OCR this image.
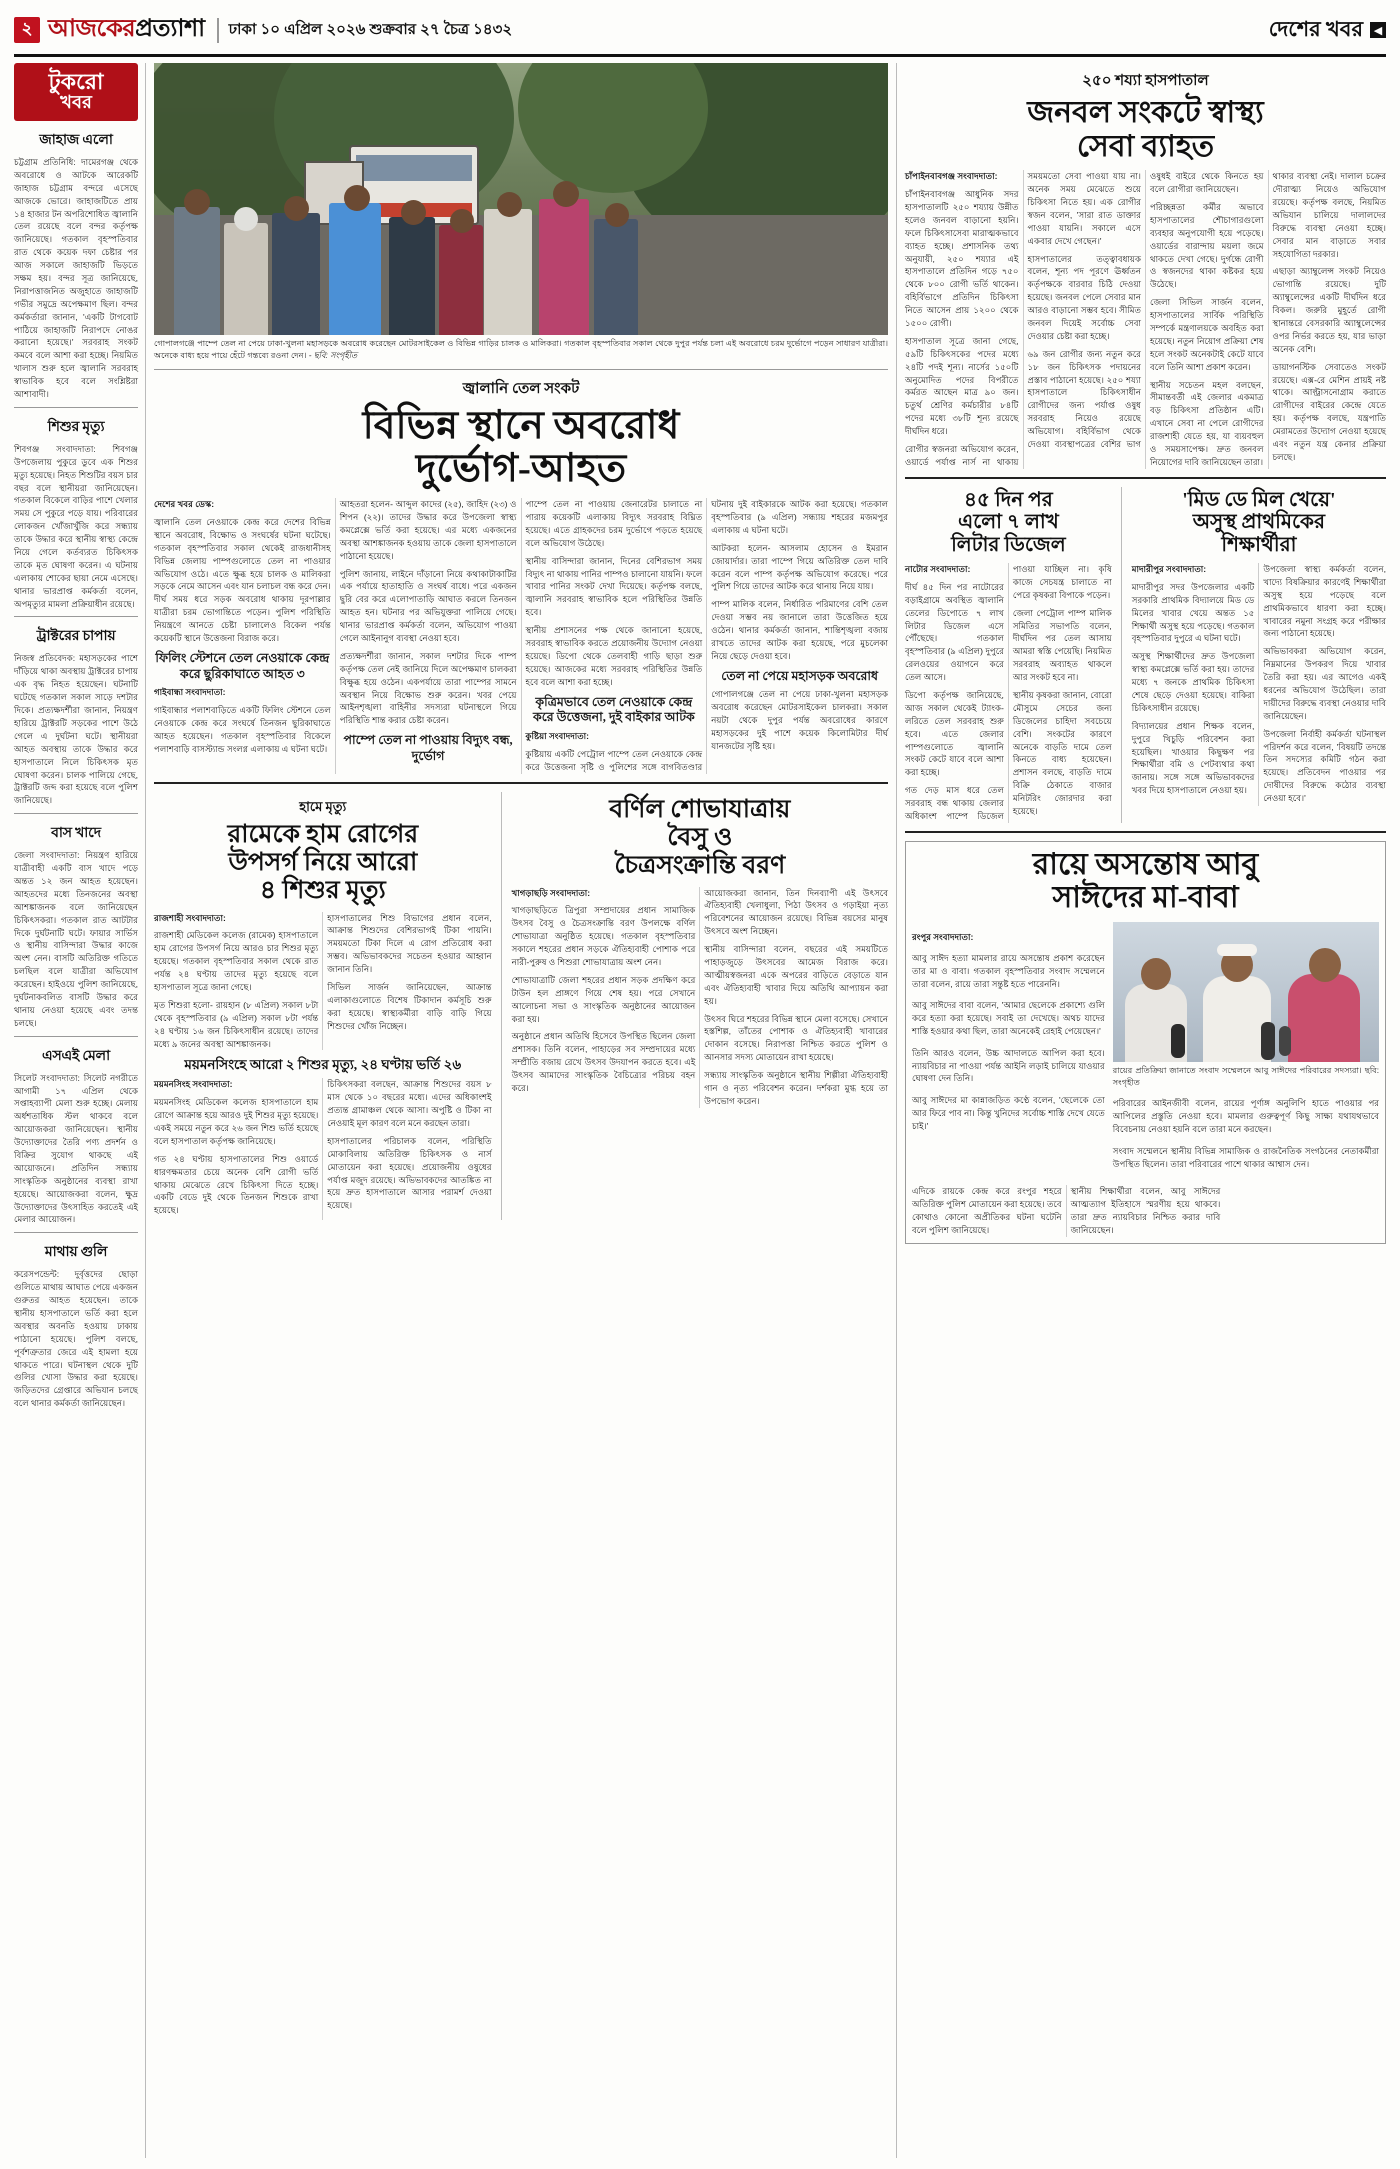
২ আজকেরপ্রত্যাশা	ঢাকা ১০ এপ্রিল ২০২৬ শুক্রবার ২৭ চৈত্র ১৪৩২	দেশের খবর ◀
টুকরো
খবর
জাহাজ এলো

চট্টগ্রাম প্রতিনিধি: দামেরগঞ্জ থেকে অবরোধে ও আটকে আরেকটি জাহাজ চট্টগ্রাম বন্দরে এসেছে আজকে ভোরে। জাহাজটিতে প্রায় ১৪ হাজার টন অপরিশোধিত জ্বালানি তেল রয়েছে বলে বন্দর কর্তৃপক্ষ জানিয়েছে। গতকাল বৃহস্পতিবার রাত থেকে কয়েক দফা চেষ্টার পর আজ সকালে জাহাজটি ভিড়তে সক্ষম হয়। বন্দর সূত্র জানিয়েছে, নিরাপত্তাজনিত অজুহাতে জাহাজটি গভীর সমুদ্রে অপেক্ষমাণ ছিল। বন্দর কর্মকর্তারা জানান, 'একটি টাগবোট পাঠিয়ে জাহাজটি নিরাপদে নোঙর করানো হয়েছে।' সরবরাহ সংকট কমবে বলে আশা করা হচ্ছে। নিয়মিত খালাস শুরু হলে জ্বালানি সরবরাহ স্বাভাবিক হবে বলে সংশ্লিষ্টরা আশাবাদী।

শিশুর মৃত্যু

শিবগঞ্জ সংবাদদাতা: শিবগঞ্জ উপজেলায় পুকুরে ডুবে এক শিশুর মৃত্যু হয়েছে। নিহত শিশুটির বয়স চার বছর বলে স্থানীয়রা জানিয়েছেন। গতকাল বিকেলে বাড়ির পাশে খেলার সময় সে পুকুরে পড়ে যায়। পরিবারের লোকজন খোঁজাখুঁজি করে সন্ধ্যায় তাকে উদ্ধার করে স্থানীয় স্বাস্থ্য কেন্দ্রে নিয়ে গেলে কর্তব্যরত চিকিৎসক তাকে মৃত ঘোষণা করেন। এ ঘটনায় এলাকায় শোকের ছায়া নেমে এসেছে। থানার ভারপ্রাপ্ত কর্মকর্তা বলেন, অপমৃত্যুর মামলা প্রক্রিয়াধীন রয়েছে।

ট্রাক্টরের চাপায়

নিজস্ব প্রতিবেদক: মহাসড়কের পাশে দাঁড়িয়ে থাকা অবস্থায় ট্রাক্টরের চাপায় এক বৃদ্ধ নিহত হয়েছেন। ঘটনাটি ঘটেছে গতকাল সকাল সাড়ে দশটার দিকে। প্রত্যক্ষদর্শীরা জানান, নিয়ন্ত্রণ হারিয়ে ট্রাক্টরটি সড়কের পাশে উঠে গেলে এ দুর্ঘটনা ঘটে। স্থানীয়রা আহত অবস্থায় তাকে উদ্ধার করে হাসপাতালে নিলে চিকিৎসক মৃত ঘোষণা করেন। চালক পালিয়ে গেছে, ট্রাক্টরটি জব্দ করা হয়েছে বলে পুলিশ জানিয়েছে।

বাস খাদে

জেলা সংবাদদাতা: নিয়ন্ত্রণ হারিয়ে যাত্রীবাহী একটি বাস খাদে পড়ে অন্তত ১২ জন আহত হয়েছেন। আহতদের মধ্যে তিনজনের অবস্থা আশঙ্কাজনক বলে জানিয়েছেন চিকিৎসকরা। গতকাল রাত আটটার দিকে দুর্ঘটনাটি ঘটে। ফায়ার সার্ভিস ও স্থানীয় বাসিন্দারা উদ্ধার কাজে অংশ নেন। বাসটি অতিরিক্ত গতিতে চলছিল বলে যাত্রীরা অভিযোগ করেছেন। হাইওয়ে পুলিশ জানিয়েছে, দুর্ঘটনাকবলিত বাসটি উদ্ধার করে থানায় নেওয়া হয়েছে এবং তদন্ত চলছে।

এসএই মেলা

সিলেট সংবাদদাতা: সিলেট নগরীতে আগামী ১৭ এপ্রিল থেকে সপ্তাহব্যাপী মেলা শুরু হচ্ছে। মেলায় অর্ধশতাধিক স্টল থাকবে বলে আয়োজকরা জানিয়েছেন। স্থানীয় উদ্যোক্তাদের তৈরি পণ্য প্রদর্শন ও বিক্রির সুযোগ থাকছে এই আয়োজনে। প্রতিদিন সন্ধ্যায় সাংস্কৃতিক অনুষ্ঠানের ব্যবস্থা রাখা হয়েছে। আয়োজকরা বলেন, ক্ষুদ্র উদ্যোক্তাদের উৎসাহিত করতেই এই মেলার আয়োজন।

মাথায় গুলি

করেসপন্ডেন্ট: দুর্বৃত্তদের ছোড়া গুলিতে মাথায় আঘাত পেয়ে একজন গুরুতর আহত হয়েছেন। তাকে স্থানীয় হাসপাতালে ভর্তি করা হলে অবস্থার অবনতি হওয়ায় ঢাকায় পাঠানো হয়েছে। পুলিশ বলছে, পূর্বশত্রুতার জেরে এই হামলা হয়ে থাকতে পারে। ঘটনাস্থল থেকে দুটি গুলির খোসা উদ্ধার করা হয়েছে। জড়িতদের গ্রেপ্তারে অভিযান চলছে বলে থানার কর্মকর্তা জানিয়েছেন।

গোপালগঞ্জে পাম্পে তেল না পেয়ে ঢাকা-খুলনা মহাসড়কে অবরোধ করেছেন মোটরসাইকেল ও বিভিন্ন গাড়ির চালক ও মালিকরা। গতকাল বৃহস্পতিবার সকাল থেকে দুপুর পর্যন্ত চলা এই অবরোধে চরম দুর্ভোগে পড়েন সাধারণ যাত্রীরা। অনেকে বাধ্য হয়ে পায়ে হেঁটে গন্তব্যে রওনা দেন। - ছবি: সংগৃহীত
জ্বালানি তেল সংকট
বিভিন্ন স্থানে অবরোধ
দুর্ভোগ-আহত

দেশের খবর ডেস্ক:

জ্বালানি তেল নেওয়াকে কেন্দ্র করে দেশের বিভিন্ন স্থানে অবরোধ, বিক্ষোভ ও সংঘর্ষের ঘটনা ঘটেছে। গতকাল বৃহস্পতিবার সকাল থেকেই রাজধানীসহ বিভিন্ন জেলায় পাম্পগুলোতে তেল না পাওয়ার অভিযোগ ওঠে। এতে ক্ষুব্ধ হয়ে চালক ও মালিকরা সড়কে নেমে আসেন এবং যান চলাচল বন্ধ করে দেন। দীর্ঘ সময় ধরে সড়ক অবরোধ থাকায় দূরপাল্লার যাত্রীরা চরম ভোগান্তিতে পড়েন। পুলিশ পরিস্থিতি নিয়ন্ত্রণে আনতে চেষ্টা চালালেও বিকেল পর্যন্ত কয়েকটি স্থানে উত্তেজনা বিরাজ করে।

ফিলিং স্টেশনে তেল নেওয়াকে কেন্দ্র করে ছুরিকাঘাতে আহত ৩

গাইবান্ধা সংবাদদাতা:

গাইবান্ধার পলাশবাড়িতে একটি ফিলিং স্টেশনে তেল নেওয়াকে কেন্দ্র করে সংঘর্ষে তিনজন ছুরিকাঘাতে আহত হয়েছেন। গতকাল বৃহস্পতিবার বিকেলে পলাশবাড়ি বাসস্ট্যান্ড সংলগ্ন এলাকায় এ ঘটনা ঘটে।

আহতরা হলেন- আব্দুল কাদের (২৫), জাহিদ (২৩) ও শিপন (২২)। তাদের উদ্ধার করে উপজেলা স্বাস্থ্য কমপ্লেক্সে ভর্তি করা হয়েছে। এর মধ্যে একজনের অবস্থা আশঙ্কাজনক হওয়ায় তাকে জেলা হাসপাতালে পাঠানো হয়েছে।

পুলিশ জানায়, লাইনে দাঁড়ানো নিয়ে কথাকাটাকাটির এক পর্যায়ে হাতাহাতি ও সংঘর্ষ বাধে। পরে একজন ছুরি বের করে এলোপাতাড়ি আঘাত করলে তিনজন আহত হন। ঘটনার পর অভিযুক্তরা পালিয়ে গেছে। থানার ভারপ্রাপ্ত কর্মকর্তা বলেন, অভিযোগ পাওয়া গেলে আইনানুগ ব্যবস্থা নেওয়া হবে।

প্রত্যক্ষদর্শীরা জানান, সকাল দশটার দিকে পাম্প কর্তৃপক্ষ তেল নেই জানিয়ে দিলে অপেক্ষমাণ চালকরা বিক্ষুব্ধ হয়ে ওঠেন। একপর্যায়ে তারা পাম্পের সামনে অবস্থান নিয়ে বিক্ষোভ শুরু করেন। খবর পেয়ে আইনশৃঙ্খলা বাহিনীর সদস্যরা ঘটনাস্থলে গিয়ে পরিস্থিতি শান্ত করার চেষ্টা করেন।

পাম্পে তেল না পাওয়ায় বিদ্যুৎ বন্ধ, দুর্ভোগ

পাম্পে তেল না পাওয়ায় জেনারেটর চালাতে না পারায় কয়েকটি এলাকায় বিদ্যুৎ সরবরাহ বিঘ্নিত হয়েছে। এতে গ্রাহকদের চরম দুর্ভোগে পড়তে হয়েছে বলে অভিযোগ উঠেছে।

স্থানীয় বাসিন্দারা জানান, দিনের বেশিরভাগ সময় বিদ্যুৎ না থাকায় পানির পাম্পও চালানো যায়নি। ফলে খাবার পানির সংকট দেখা দিয়েছে। কর্তৃপক্ষ বলছে, জ্বালানি সরবরাহ স্বাভাবিক হলে পরিস্থিতির উন্নতি হবে।

স্থানীয় প্রশাসনের পক্ষ থেকে জানানো হয়েছে, সরবরাহ স্বাভাবিক করতে প্রয়োজনীয় উদ্যোগ নেওয়া হয়েছে। ডিপো থেকে তেলবাহী গাড়ি ছাড়া শুরু হয়েছে। আজকের মধ্যে সরবরাহ পরিস্থিতির উন্নতি হবে বলে আশা করা হচ্ছে।

কৃত্রিমভাবে তেল নেওয়াকে কেন্দ্র করে উত্তেজনা, দুই বাইকার আটক

কুষ্টিয়া সংবাদদাতা:

কুষ্টিয়ায় একটি পেট্রোল পাম্পে তেল নেওয়াকে কেন্দ্র করে উত্তেজনা সৃষ্টি ও পুলিশের সঙ্গে বাগবিতণ্ডার ঘটনায় দুই বাইকারকে আটক করা হয়েছে। গতকাল বৃহস্পতিবার (৯ এপ্রিল) সন্ধ্যায় শহরের মজমপুর এলাকায় এ ঘটনা ঘটে।

আটকরা হলেন- আসলাম হোসেন ও ইমরান জোয়ার্দার। তারা পাম্পে গিয়ে অতিরিক্ত তেল দাবি করেন বলে পাম্প কর্তৃপক্ষ অভিযোগ করেছে। পরে পুলিশ গিয়ে তাদের আটক করে থানায় নিয়ে যায়।

পাম্প মালিক বলেন, নির্ধারিত পরিমাণের বেশি তেল দেওয়া সম্ভব নয় জানালে তারা উত্তেজিত হয়ে ওঠেন। থানার কর্মকর্তা জানান, শান্তিশৃঙ্খলা বজায় রাখতে তাদের আটক করা হয়েছে, পরে মুচলেকা নিয়ে ছেড়ে দেওয়া হবে।

তেল না পেয়ে মহাসড়ক অবরোধ

গোপালগঞ্জে তেল না পেয়ে ঢাকা-খুলনা মহাসড়ক অবরোধ করেছেন মোটরসাইকেল চালকরা। সকাল নয়টা থেকে দুপুর পর্যন্ত অবরোধের কারণে মহাসড়কের দুই পাশে কয়েক কিলোমিটার দীর্ঘ যানজটের সৃষ্টি হয়।

হামে মৃত্যু
রামেকে হাম রোগের
উপসর্গ নিয়ে আরো
৪ শিশুর মৃত্যু

রাজশাহী সংবাদদাতা:

রাজশাহী মেডিকেল কলেজ (রামেক) হাসপাতালে হাম রোগের উপসর্গ নিয়ে আরও চার শিশুর মৃত্যু হয়েছে। গতকাল বৃহস্পতিবার সকাল থেকে রাত পর্যন্ত ২৪ ঘণ্টায় তাদের মৃত্যু হয়েছে বলে হাসপাতাল সূত্রে জানা গেছে।

মৃত শিশুরা হলো- রায়হান (৮ এপ্রিল) সকাল ৮টা থেকে বৃহস্পতিবার (৯ এপ্রিল) সকাল ৮টা পর্যন্ত ২৪ ঘণ্টায় ১৬ জন চিকিৎসাধীন রয়েছে। তাদের মধ্যে ৯ জনের অবস্থা আশঙ্কাজনক।

হাসপাতালের শিশু বিভাগের প্রধান বলেন, আক্রান্ত শিশুদের বেশিরভাগই টিকা পায়নি। সময়মতো টিকা দিলে এ রোগ প্রতিরোধ করা সম্ভব। অভিভাবকদের সচেতন হওয়ার আহ্বান জানান তিনি।

সিভিল সার্জন জানিয়েছেন, আক্রান্ত এলাকাগুলোতে বিশেষ টিকাদান কর্মসূচি শুরু করা হয়েছে। স্বাস্থ্যকর্মীরা বাড়ি বাড়ি গিয়ে শিশুদের খোঁজ নিচ্ছেন।

ময়মনসিংহে আরো ২ শিশুর মৃত্যু, ২৪ ঘণ্টায় ভর্তি ২৬

ময়মনসিংহ সংবাদদাতা:

ময়মনসিংহ মেডিকেল কলেজ হাসপাতালে হাম রোগে আক্রান্ত হয়ে আরও দুই শিশুর মৃত্যু হয়েছে। একই সময়ে নতুন করে ২৬ জন শিশু ভর্তি হয়েছে বলে হাসপাতাল কর্তৃপক্ষ জানিয়েছে।

গত ২৪ ঘণ্টায় হাসপাতালের শিশু ওয়ার্ডে ধারণক্ষমতার চেয়ে অনেক বেশি রোগী ভর্তি থাকায় মেঝেতে রেখে চিকিৎসা দিতে হচ্ছে। একটি বেডে দুই থেকে তিনজন শিশুকে রাখা হয়েছে।

চিকিৎসকরা বলছেন, আক্রান্ত শিশুদের বয়স ৮ মাস থেকে ১০ বছরের মধ্যে। এদের অধিকাংশই প্রত্যন্ত গ্রামাঞ্চল থেকে আসা। অপুষ্টি ও টিকা না নেওয়াই মূল কারণ বলে মনে করছেন তারা।

হাসপাতালের পরিচালক বলেন, পরিস্থিতি মোকাবিলায় অতিরিক্ত চিকিৎসক ও নার্স মোতায়েন করা হয়েছে। প্রয়োজনীয় ওষুধের পর্যাপ্ত মজুদ রয়েছে। অভিভাবকদের আতঙ্কিত না হয়ে দ্রুত হাসপাতালে আসার পরামর্শ দেওয়া হয়েছে।

বর্ণিল শোভাযাত্রায়
বৈসু ও
চৈত্রসংক্রান্তি বরণ

খাগড়াছড়ি সংবাদদাতা:

খাগড়াছড়িতে ত্রিপুরা সম্প্রদায়ের প্রধান সামাজিক উৎসব বৈসু ও চৈত্রসংক্রান্তি বরণ উপলক্ষে বর্ণিল শোভাযাত্রা অনুষ্ঠিত হয়েছে। গতকাল বৃহস্পতিবার সকালে শহরের প্রধান সড়কে ঐতিহ্যবাহী পোশাক পরে নারী-পুরুষ ও শিশুরা শোভাযাত্রায় অংশ নেন।

শোভাযাত্রাটি জেলা শহরের প্রধান সড়ক প্রদক্ষিণ করে টাউন হল প্রাঙ্গণে গিয়ে শেষ হয়। পরে সেখানে আলোচনা সভা ও সাংস্কৃতিক অনুষ্ঠানের আয়োজন করা হয়।

অনুষ্ঠানে প্রধান অতিথি হিসেবে উপস্থিত ছিলেন জেলা প্রশাসক। তিনি বলেন, পাহাড়ের সব সম্প্রদায়ের মধ্যে সম্প্রীতি বজায় রেখে উৎসব উদযাপন করতে হবে। এই উৎসব আমাদের সাংস্কৃতিক বৈচিত্র্যের পরিচয় বহন করে।

আয়োজকরা জানান, তিন দিনব্যাপী এই উৎসবে ঐতিহ্যবাহী খেলাধুলা, পিঠা উৎসব ও গড়াইয়া নৃত্য পরিবেশনের আয়োজন রয়েছে। বিভিন্ন বয়সের মানুষ উৎসবে অংশ নিচ্ছেন।

স্থানীয় বাসিন্দারা বলেন, বছরের এই সময়টিতে পাহাড়জুড়ে উৎসবের আমেজ বিরাজ করে। আত্মীয়স্বজনরা একে অপরের বাড়িতে বেড়াতে যান এবং ঐতিহ্যবাহী খাবার দিয়ে অতিথি আপ্যায়ন করা হয়।

উৎসব ঘিরে শহরের বিভিন্ন স্থানে মেলা বসেছে। সেখানে হস্তশিল্প, তাঁতের পোশাক ও ঐতিহ্যবাহী খাবারের দোকান বসেছে। নিরাপত্তা নিশ্চিত করতে পুলিশ ও আনসার সদস্য মোতায়েন রাখা হয়েছে।

সন্ধ্যায় সাংস্কৃতিক অনুষ্ঠানে স্থানীয় শিল্পীরা ঐতিহ্যবাহী গান ও নৃত্য পরিবেশন করেন। দর্শকরা মুগ্ধ হয়ে তা উপভোগ করেন।

২৫০ শয্যা হাসপাতাল
জনবল সংকটে স্বাস্থ্য
সেবা ব্যাহত

চাঁপাইনবাবগঞ্জ সংবাদদাতা:

চাঁপাইনবাবগঞ্জ আধুনিক সদর হাসপাতালটি ২৫০ শয্যায় উন্নীত হলেও জনবল বাড়ানো হয়নি। ফলে চিকিৎসাসেবা মারাত্মকভাবে ব্যাহত হচ্ছে। প্রশাসনিক তথ্য অনুযায়ী, ২৫০ শয্যার এই হাসপাতালে প্রতিদিন গড়ে ৭৫০ থেকে ৮০০ রোগী ভর্তি থাকেন। বহির্বিভাগে প্রতিদিন চিকিৎসা নিতে আসেন প্রায় ১২০০ থেকে ১৫০০ রোগী।

হাসপাতাল সূত্রে জানা গেছে, ৫৯টি চিকিৎসকের পদের মধ্যে ২৪টি পদই শূন্য। নার্সের ১৫০টি অনুমোদিত পদের বিপরীতে কর্মরত আছেন মাত্র ৯০ জন। চতুর্থ শ্রেণির কর্মচারীর ৮৪টি পদের মধ্যে ৩৮টি শূন্য রয়েছে দীর্ঘদিন ধরে।

রোগীর স্বজনরা অভিযোগ করেন, ওয়ার্ডে পর্যাপ্ত নার্স না থাকায় সময়মতো সেবা পাওয়া যায় না। অনেক সময় মেঝেতে শুয়ে চিকিৎসা নিতে হয়। এক রোগীর স্বজন বলেন, 'সারা রাত ডাক্তার পাওয়া যায়নি। সকালে এসে একবার দেখে গেছেন।'

হাসপাতালের তত্ত্বাবধায়ক বলেন, শূন্য পদ পূরণে ঊর্ধ্বতন কর্তৃপক্ষকে বারবার চিঠি দেওয়া হয়েছে। জনবল পেলে সেবার মান আরও বাড়ানো সম্ভব হবে। সীমিত জনবল দিয়েই সর্বোচ্চ সেবা দেওয়ার চেষ্টা করা হচ্ছে।

৬৯ জন রোগীর জন্য নতুন করে ১৮ জন চিকিৎসক পদায়নের প্রস্তাব পাঠানো হয়েছে। ২৫০ শয্যা হাসপাতালে চিকিৎসাধীন রোগীদের জন্য পর্যাপ্ত ওষুধ সরবরাহ নিয়েও রয়েছে অভিযোগ। বহির্বিভাগ থেকে দেওয়া ব্যবস্থাপত্রের বেশির ভাগ ওষুধই বাইরে থেকে কিনতে হয় বলে রোগীরা জানিয়েছেন।

পরিচ্ছন্নতা কর্মীর অভাবে হাসপাতালের শৌচাগারগুলো ব্যবহার অনুপযোগী হয়ে পড়েছে। ওয়ার্ডের বারান্দায় ময়লা জমে থাকতে দেখা গেছে। দুর্গন্ধে রোগী ও স্বজনদের থাকা কষ্টকর হয়ে উঠেছে।

জেলা সিভিল সার্জন বলেন, হাসপাতালের সার্বিক পরিস্থিতি সম্পর্কে মন্ত্রণালয়কে অবহিত করা হয়েছে। নতুন নিয়োগ প্রক্রিয়া শেষ হলে সংকট অনেকটাই কেটে যাবে বলে তিনি আশা প্রকাশ করেন।

স্থানীয় সচেতন মহল বলছেন, সীমান্তবর্তী এই জেলার একমাত্র বড় চিকিৎসা প্রতিষ্ঠান এটি। এখানে সেবা না পেলে রোগীদের রাজশাহী যেতে হয়, যা ব্যয়বহুল ও সময়সাপেক্ষ। দ্রুত জনবল নিয়োগের দাবি জানিয়েছেন তারা।

থাকার ব্যবস্থা নেই। দালাল চক্রের দৌরাত্ম্য নিয়েও অভিযোগ রয়েছে। কর্তৃপক্ষ বলছে, নিয়মিত অভিযান চালিয়ে দালালদের বিরুদ্ধে ব্যবস্থা নেওয়া হচ্ছে। সেবার মান বাড়াতে সবার সহযোগিতা দরকার।

এছাড়া অ্যাম্বুলেন্স সংকট নিয়েও ভোগান্তি রয়েছে। দুটি অ্যাম্বুলেন্সের একটি দীর্ঘদিন ধরে বিকল। জরুরি মুহূর্তে রোগী স্থানান্তরে বেসরকারি অ্যাম্বুলেন্সের ওপর নির্ভর করতে হয়, যার ভাড়া অনেক বেশি।

ডায়াগনস্টিক সেবাতেও সংকট রয়েছে। এক্স-রে মেশিন প্রায়ই নষ্ট থাকে। আল্ট্রাসনোগ্রাম করাতে রোগীদের বাইরের কেন্দ্রে যেতে হয়। কর্তৃপক্ষ বলছে, যন্ত্রপাতি মেরামতের উদ্যোগ নেওয়া হয়েছে এবং নতুন যন্ত্র কেনার প্রক্রিয়া চলছে।

৪৫ দিন পর
এলো ৭ লাখ
লিটার ডিজেল

নাটোর সংবাদদাতা:

দীর্ঘ ৪৫ দিন পর নাটোরের বড়াইগ্রামে অবস্থিত জ্বালানি তেলের ডিপোতে ৭ লাখ লিটার ডিজেল এসে পৌঁছেছে। গতকাল বৃহস্পতিবার (৯ এপ্রিল) দুপুরে রেলওয়ের ওয়াগনে করে তেল আসে।

ডিপো কর্তৃপক্ষ জানিয়েছে, আজ সকাল থেকেই ট্যাংক-লরিতে তেল সরবরাহ শুরু হবে। এতে জেলার পাম্পগুলোতে জ্বালানি সংকট কেটে যাবে বলে আশা করা হচ্ছে।

গত দেড় মাস ধরে তেল সরবরাহ বন্ধ থাকায় জেলার অধিকাংশ পাম্পে ডিজেল পাওয়া যাচ্ছিল না। কৃষি কাজে সেচযন্ত্র চালাতে না পেরে কৃষকরা বিপাকে পড়েন।

জেলা পেট্রোল পাম্প মালিক সমিতির সভাপতি বলেন, দীর্ঘদিন পর তেল আসায় আমরা স্বস্তি পেয়েছি। নিয়মিত সরবরাহ অব্যাহত থাকলে আর সংকট হবে না।

স্থানীয় কৃষকরা জানান, বোরো মৌসুমে সেচের জন্য ডিজেলের চাহিদা সবচেয়ে বেশি। সংকটের কারণে অনেকে বাড়তি দামে তেল কিনতে বাধ্য হয়েছেন। প্রশাসন বলছে, বাড়তি দামে বিক্রি ঠেকাতে বাজার মনিটরিং জোরদার করা হয়েছে।

'মিড ডে মিল খেয়ে'
অসুস্থ প্রাথমিকের
শিক্ষার্থীরা

মাদারীপুর সংবাদদাতা:

মাদারীপুর সদর উপজেলার একটি সরকারি প্রাথমিক বিদ্যালয়ে মিড ডে মিলের খাবার খেয়ে অন্তত ১৫ শিক্ষার্থী অসুস্থ হয়ে পড়েছে। গতকাল বৃহস্পতিবার দুপুরে এ ঘটনা ঘটে।

অসুস্থ শিক্ষার্থীদের দ্রুত উপজেলা স্বাস্থ্য কমপ্লেক্সে ভর্তি করা হয়। তাদের মধ্যে ৭ জনকে প্রাথমিক চিকিৎসা শেষে ছেড়ে দেওয়া হয়েছে। বাকিরা চিকিৎসাধীন রয়েছে।

বিদ্যালয়ের প্রধান শিক্ষক বলেন, দুপুরে খিচুড়ি পরিবেশন করা হয়েছিল। খাওয়ার কিছুক্ষণ পর শিক্ষার্থীরা বমি ও পেটব্যথার কথা জানায়। সঙ্গে সঙ্গে অভিভাবকদের খবর দিয়ে হাসপাতালে নেওয়া হয়।

উপজেলা স্বাস্থ্য কর্মকর্তা বলেন, খাদ্যে বিষক্রিয়ার কারণেই শিক্ষার্থীরা অসুস্থ হয়ে পড়েছে বলে প্রাথমিকভাবে ধারণা করা হচ্ছে। খাবারের নমুনা সংগ্রহ করে পরীক্ষার জন্য পাঠানো হয়েছে।

অভিভাবকরা অভিযোগ করেন, নিম্নমানের উপকরণ দিয়ে খাবার তৈরি করা হয়। এর আগেও একই ধরনের অভিযোগ উঠেছিল। তারা দায়ীদের বিরুদ্ধে ব্যবস্থা নেওয়ার দাবি জানিয়েছেন।

উপজেলা নির্বাহী কর্মকর্তা ঘটনাস্থল পরিদর্শন করে বলেন, 'বিষয়টি তদন্তে তিন সদস্যের কমিটি গঠন করা হয়েছে। প্রতিবেদন পাওয়ার পর দোষীদের বিরুদ্ধে কঠোর ব্যবস্থা নেওয়া হবে।'

রায়ে অসন্তোষ আবু
সাঈদের মা-বাবা

রংপুর সংবাদদাতা:

আবু সাঈদ হত্যা মামলার রায়ে অসন্তোষ প্রকাশ করেছেন তার মা ও বাবা। গতকাল বৃহস্পতিবার সংবাদ সম্মেলনে তারা বলেন, রায়ে তারা সন্তুষ্ট হতে পারেননি।

আবু সাঈদের বাবা বলেন, 'আমার ছেলেকে প্রকাশ্যে গুলি করে হত্যা করা হয়েছে। সবাই তা দেখেছে। অথচ যাদের শাস্তি হওয়ার কথা ছিল, তারা অনেকেই রেহাই পেয়েছেন।'

তিনি আরও বলেন, উচ্চ আদালতে আপিল করা হবে। ন্যায়বিচার না পাওয়া পর্যন্ত আইনি লড়াই চালিয়ে যাওয়ার ঘোষণা দেন তিনি।

আবু সাঈদের মা কান্নাজড়িত কণ্ঠে বলেন, 'ছেলেকে তো আর ফিরে পাব না। কিন্তু খুনিদের সর্বোচ্চ শাস্তি দেখে যেতে চাই।'

রায়ের প্রতিক্রিয়া জানাতে সংবাদ সম্মেলনে আবু সাঈদের পরিবারের সদস্যরা। ছবি: সংগৃহীত

পরিবারের আইনজীবী বলেন, রায়ের পূর্ণাঙ্গ অনুলিপি হাতে পাওয়ার পর আপিলের প্রস্তুতি নেওয়া হবে। মামলার গুরুত্বপূর্ণ কিছু সাক্ষ্য যথাযথভাবে বিবেচনায় নেওয়া হয়নি বলে তারা মনে করছেন।

সংবাদ সম্মেলনে স্থানীয় বিভিন্ন সামাজিক ও রাজনৈতিক সংগঠনের নেতাকর্মীরা উপস্থিত ছিলেন। তারা পরিবারের পাশে থাকার আশ্বাস দেন।

এদিকে রায়কে কেন্দ্র করে রংপুর শহরে অতিরিক্ত পুলিশ মোতায়েন করা হয়েছে। তবে কোথাও কোনো অপ্রীতিকর ঘটনা ঘটেনি বলে পুলিশ জানিয়েছে।

স্থানীয় শিক্ষার্থীরা বলেন, আবু সাঈদের আত্মত্যাগ ইতিহাসে স্মরণীয় হয়ে থাকবে। তারা দ্রুত ন্যায়বিচার নিশ্চিত করার দাবি জানিয়েছেন।
